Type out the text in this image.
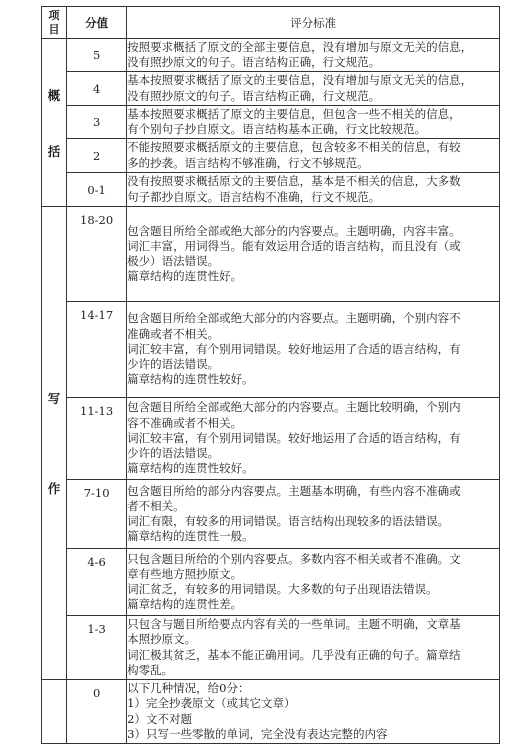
项
目	分值	评分标准

概
括	5	按照要求概括了原文的全部主要信息，没有增加与原文无关的信息，
没有照抄原文的句子。语言结构正确，行文规范。

	4	基本按照要求概括了原文的主要信息，没有增加与原文无关的信息，
没有照抄原文的句子。语言结构正确，行文规范。

	3	基本按照要求概括了原文的主要信息，但包含一些不相关的信息，
有个别句子抄自原文。语言结构基本正确，行文比较规范。

	2	不能按照要求概括原文的主要信息，包含较多不相关的信息，有较
多的抄袭。语言结构不够准确，行文不够规范。

	0-1	没有按照要求概括原文的主要信息，基本是不相关的信息，大多数
句子都抄自原文。语言结构不准确，行文不规范。

写
作	18-20	包含题目所给全部或绝大部分的内容要点。主题明确，内容丰富。
词汇丰富，用词得当。能有效运用合适的语言结构，而且没有（或
极少）语法错误。
篇章结构的连贯性好。

	14-17	包含题目所给全部或绝大部分的内容要点。主题明确，个别内容不
准确或者不相关。
词汇较丰富，有个别用词错误。较好地运用了合适的语言结构，有
少许的语法错误。
篇章结构的连贯性较好。

	11-13	包含题目所给全部或绝大部分的内容要点。主题比较明确，个别内
容不准确或者不相关。
词汇较丰富，有个别用词错误。较好地运用了合适的语言结构，有
少许的语法错误。
篇章结构的连贯性较好。

	7-10	包含题目所给的部分内容要点。主题基本明确，有些内容不准确或
者不相关。
词汇有限，有较多的用词错误。语言结构出现较多的语法错误。
篇章结构的连贯性一般。

	4-6	只包含题目所给的个别内容要点。多数内容不相关或者不准确。文
章有些地方照抄原文。
词汇贫乏，有较多的用词错误。大多数的句子出现语法错误。
篇章结构的连贯性差。

	1-3	只包含与题目所给要点内容有关的一些单词。主题不明确，文章基
本照抄原文。
词汇极其贫乏，基本不能正确用词。几乎没有正确的句子。篇章结
构零乱。

	0	以下几种情况，给0分：
1）完全抄袭原文（或其它文章）
2）文不对题
3）只写一些零散的单词，完全没有表达完整的内容
